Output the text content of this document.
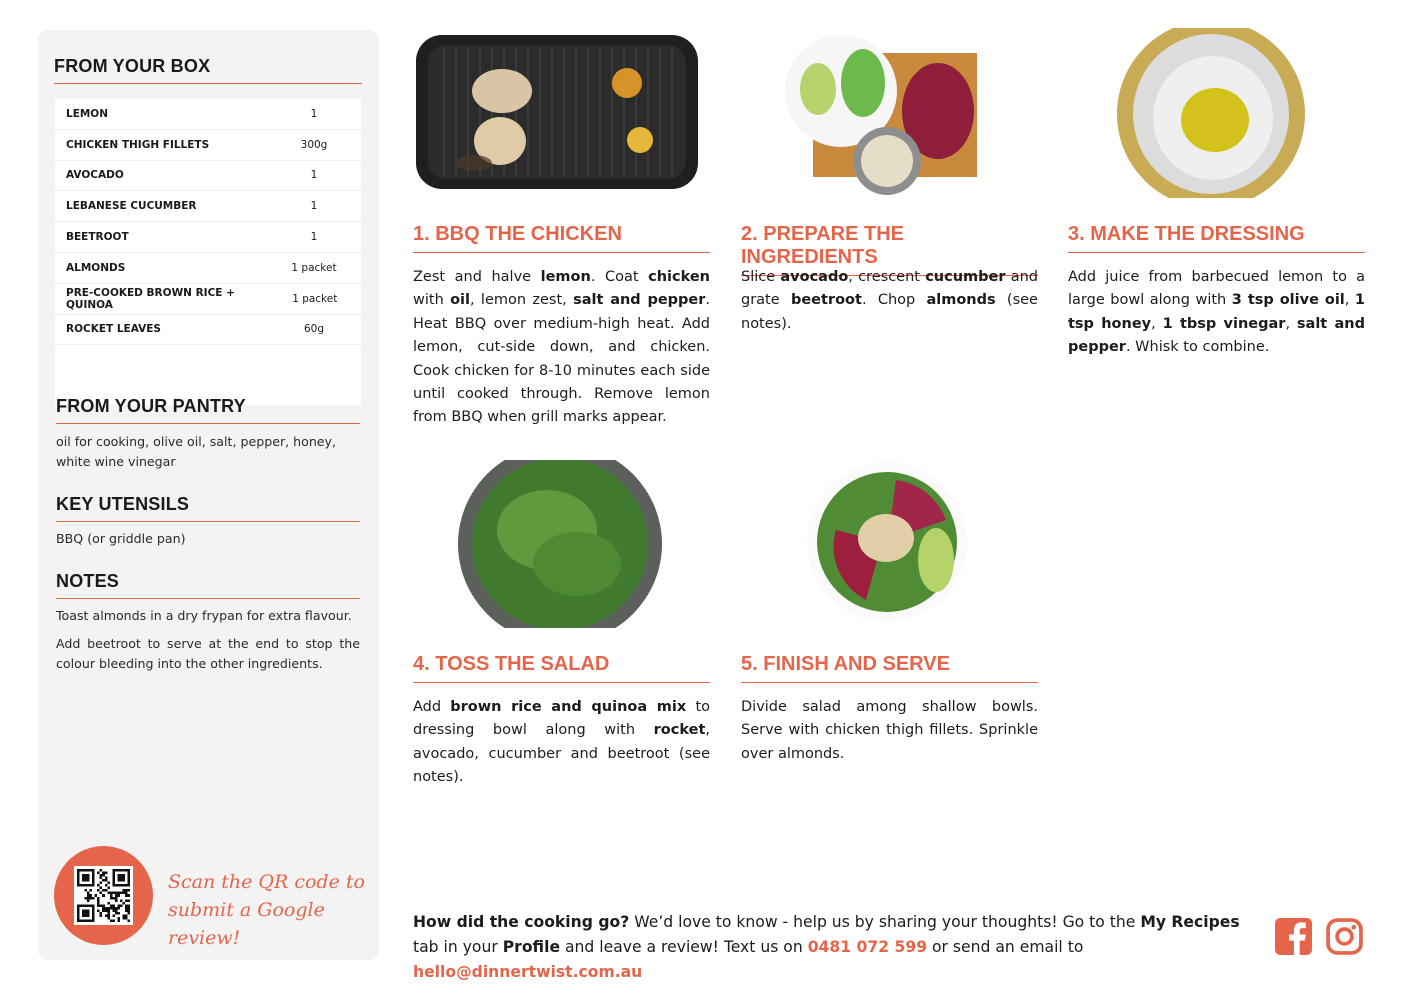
FROM YOUR BOX
LEMON	1
CHICKEN THIGH FILLETS	300g
AVOCADO	1
LEBANESE CUCUMBER	1
BEETROOT	1
ALMONDS	1 packet
PRE-COOKED BROWN RICE + QUINOA	1 packet
ROCKET LEAVES	60g
FROM YOUR PANTRY
oil for cooking, olive oil, salt, pepper, honey, white wine vinegar
KEY UTENSILS
BBQ (or griddle pan)
NOTES

Toast almonds in a dry frypan for extra flavour.

Add beetroot to serve at the end to stop the colour bleeding into the other ingredients.

Scan the QR code to
submit a Google review!
1. BBQ THE CHICKEN
Zest and halve lemon. Coat chicken with oil, lemon zest, salt and pepper. Heat BBQ over medium-high heat. Add lemon, cut-side down, and chicken. Cook chicken for 8-10 minutes each side until cooked through. Remove lemon from BBQ when grill marks appear.
2. PREPARE THE INGREDIENTS
Slice avocado, crescent cucumber and grate beetroot. Chop almonds (see notes).
3. MAKE THE DRESSING
Add juice from barbecued lemon to a large bowl along with 3 tsp olive oil, 1 tsp honey, 1 tbsp vinegar, salt and pepper. Whisk to combine.
4. TOSS THE SALAD
Add brown rice and quinoa mix to dressing bowl along with rocket, avocado, cucumber and beetroot (see notes).
5. FINISH AND SERVE
Divide salad among shallow bowls. Serve with chicken thigh fillets. Sprinkle over almonds.
How did the cooking go? We’d love to know - help us by sharing your thoughts! Go to the My Recipes tab in your Profile and leave a review! Text us on 0481 072 599 or send an email to hello@dinnertwist.com.au
